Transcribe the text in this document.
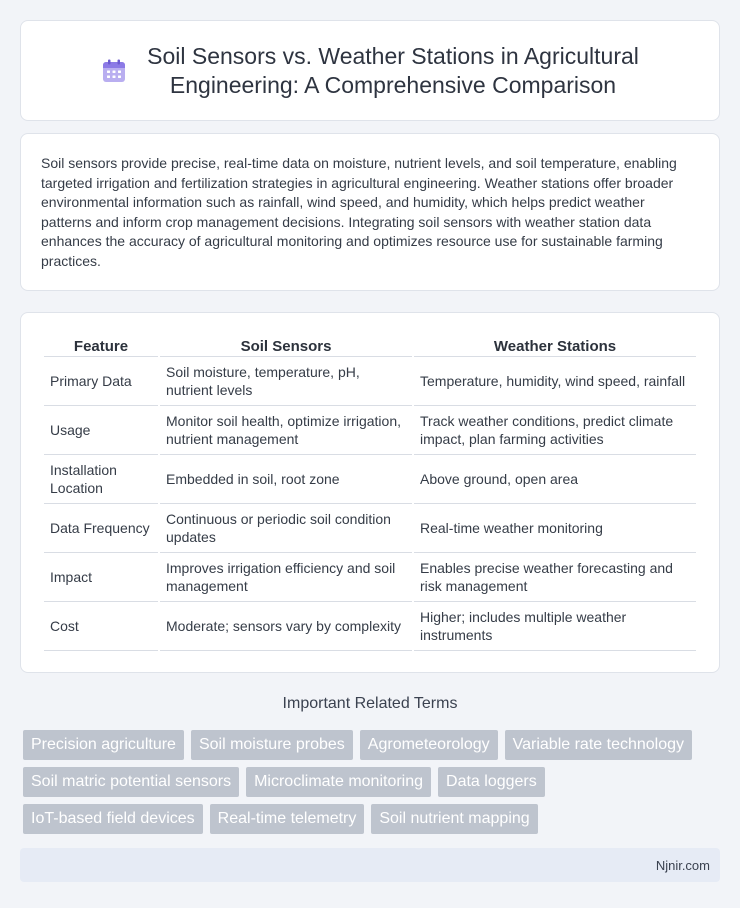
Soil Sensors vs. Weather Stations in Agricultural
Engineering: A Comprehensive Comparison

Soil sensors provide precise, real-time data on moisture, nutrient levels, and soil temperature, enabling targeted irrigation and fertilization strategies in agricultural engineering. Weather stations offer broader environmental information such as rainfall, wind speed, and humidity, which helps predict weather patterns and inform crop management decisions. Integrating soil sensors with weather station data enhances the accuracy of agricultural monitoring and optimizes resource use for sustainable farming practices.

Feature	Soil Sensors	Weather Stations
Primary Data	Soil moisture, temperature, pH, nutrient levels	Temperature, humidity, wind speed, rainfall
Usage	Monitor soil health, optimize irrigation, nutrient management	Track weather conditions, predict climate impact, plan farming activities
Installation Location	Embedded in soil, root zone	Above ground, open area
Data Frequency	Continuous or periodic soil condition updates	Real-time weather monitoring
Impact	Improves irrigation efficiency and soil management	Enables precise weather forecasting and risk management
Cost	Moderate; sensors vary by complexity	Higher; includes multiple weather instruments
Important Related Terms
Precision agriculture	Soil moisture probes	Agrometeorology	Variable rate technology
Soil matric potential sensors	Microclimate monitoring	Data loggers
IoT-based field devices	Real-time telemetry	Soil nutrient mapping
Njnir.com
